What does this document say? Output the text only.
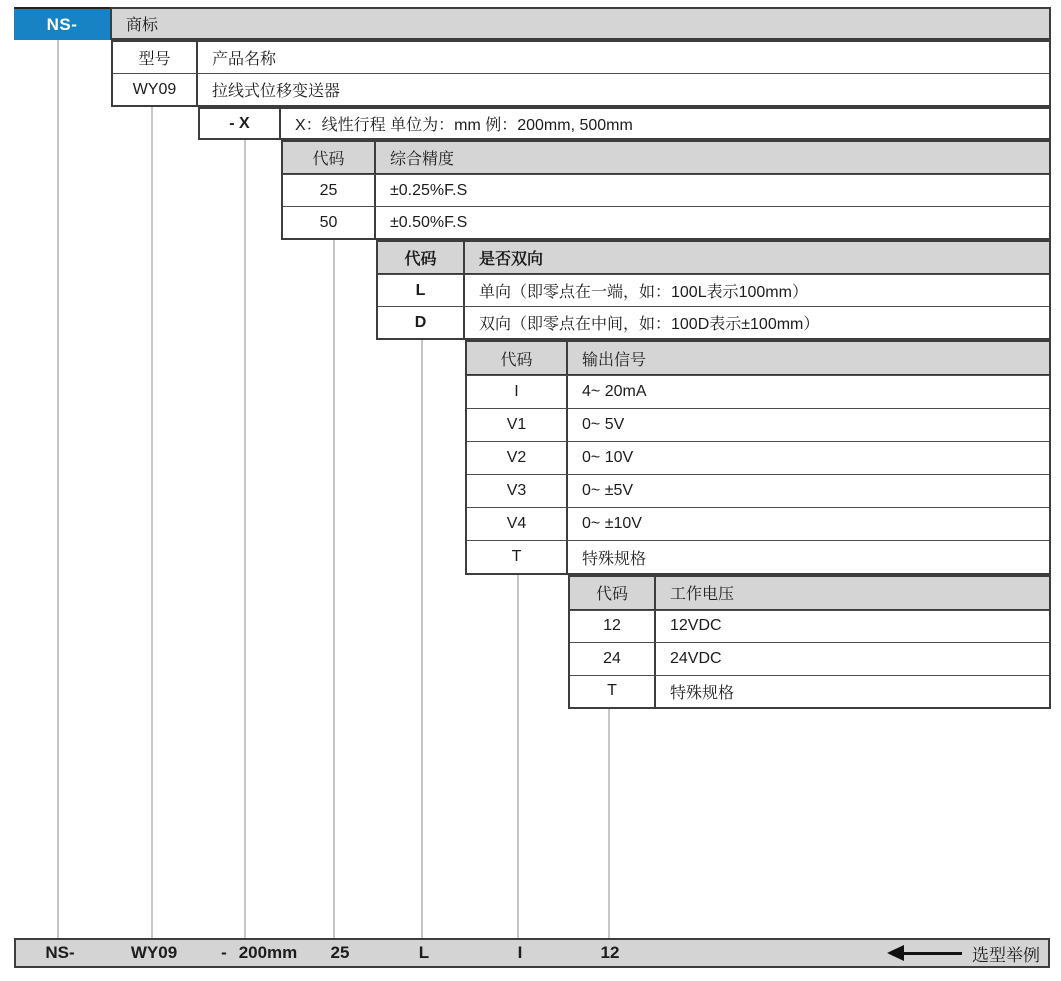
NS-	商标
型号	产品名称
WY09	拉线式位移变送器
- X	X：线性行程 单位为：mm 例：200mm, 500mm
代码	综合精度
25	±0.25%F.S
50	±0.50%F.S
代码	是否双向
L	单向（即零点在一端，如：100L表示100mm）
D	双向（即零点在中间，如：100D表示±100mm）
代码	输出信号
I	4~ 20mA
V1	0~ 5V
V2	0~ 10V
V3	0~ ±5V
V4	0~ ±10V
T	特殊规格
代码	工作电压
12	12VDC
24	24VDC
T	特殊规格
NS-	WY09	- 200mm 25	L	I	12	选型举例
